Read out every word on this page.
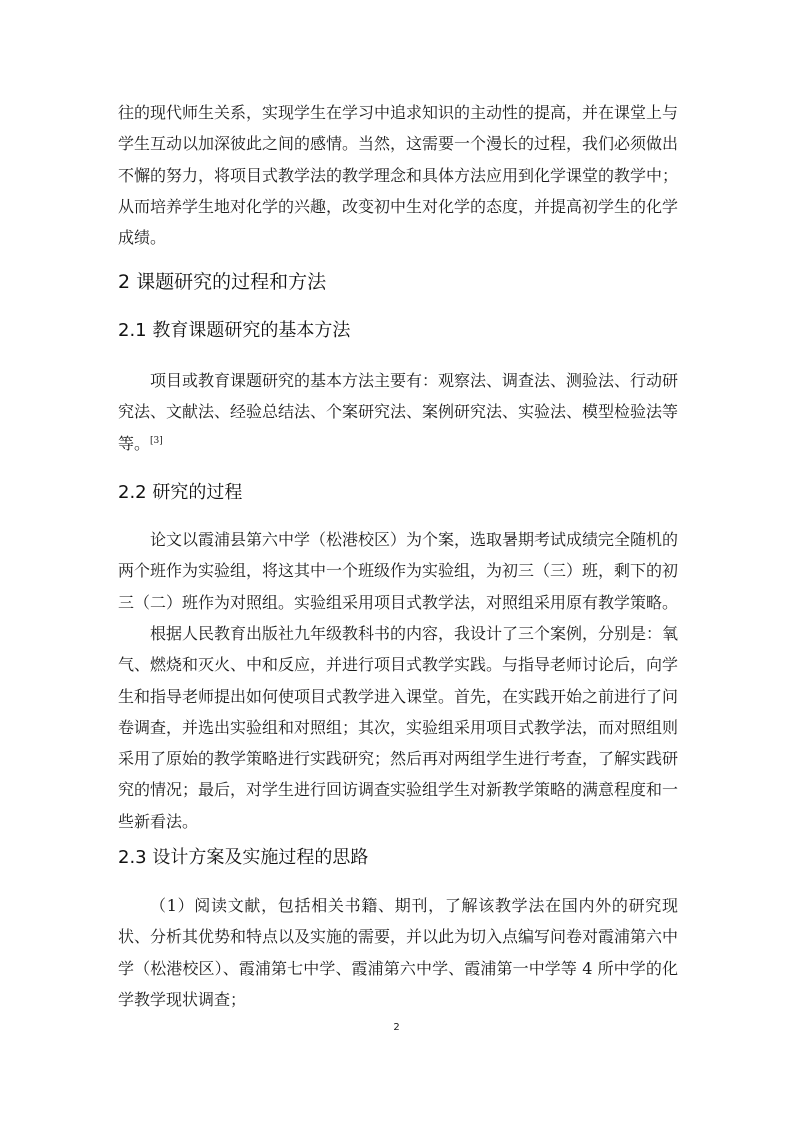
往的现代师生关系，实现学生在学习中追求知识的主动性的提高，并在课堂上与学生互动以加深彼此之间的感情。当然，这需要一个漫长的过程，我们必须做出不懈的努力，将项目式教学法的教学理念和具体方法应用到化学课堂的教学中；从而培养学生地对化学的兴趣，改变初中生对化学的态度，并提高初学生的化学成绩。

2 课题研究的过程和方法
2.1 教育课题研究的基本方法

项目或教育课题研究的基本方法主要有：观察法、调查法、测验法、行动研究法、文献法、经验总结法、个案研究法、案例研究法、实验法、模型检验法等等。[3]

2.2 研究的过程

论文以霞浦县第六中学（松港校区）为个案，选取暑期考试成绩完全随机的两个班作为实验组，将这其中一个班级作为实验组，为初三（三）班，剩下的初三（二）班作为对照组。实验组采用项目式教学法，对照组采用原有教学策略。

根据人民教育出版社九年级教科书的内容，我设计了三个案例，分别是：氧气、燃烧和灭火、中和反应，并进行项目式教学实践。与指导老师讨论后，向学生和指导老师提出如何使项目式教学进入课堂。首先，在实践开始之前进行了问卷调查，并选出实验组和对照组；其次，实验组采用项目式教学法，而对照组则采用了原始的教学策略进行实践研究；然后再对两组学生进行考查，了解实践研究的情况；最后，对学生进行回访调查实验组学生对新教学策略的满意程度和一些新看法。

2.3 设计方案及实施过程的思路

（1）阅读文献，包括相关书籍、期刊，了解该教学法在国内外的研究现状、分析其优势和特点以及实施的需要，并以此为切入点编写问卷对霞浦第六中学（松港校区）、霞浦第七中学、霞浦第六中学、霞浦第一中学等 4 所中学的化学教学现状调查；

2
